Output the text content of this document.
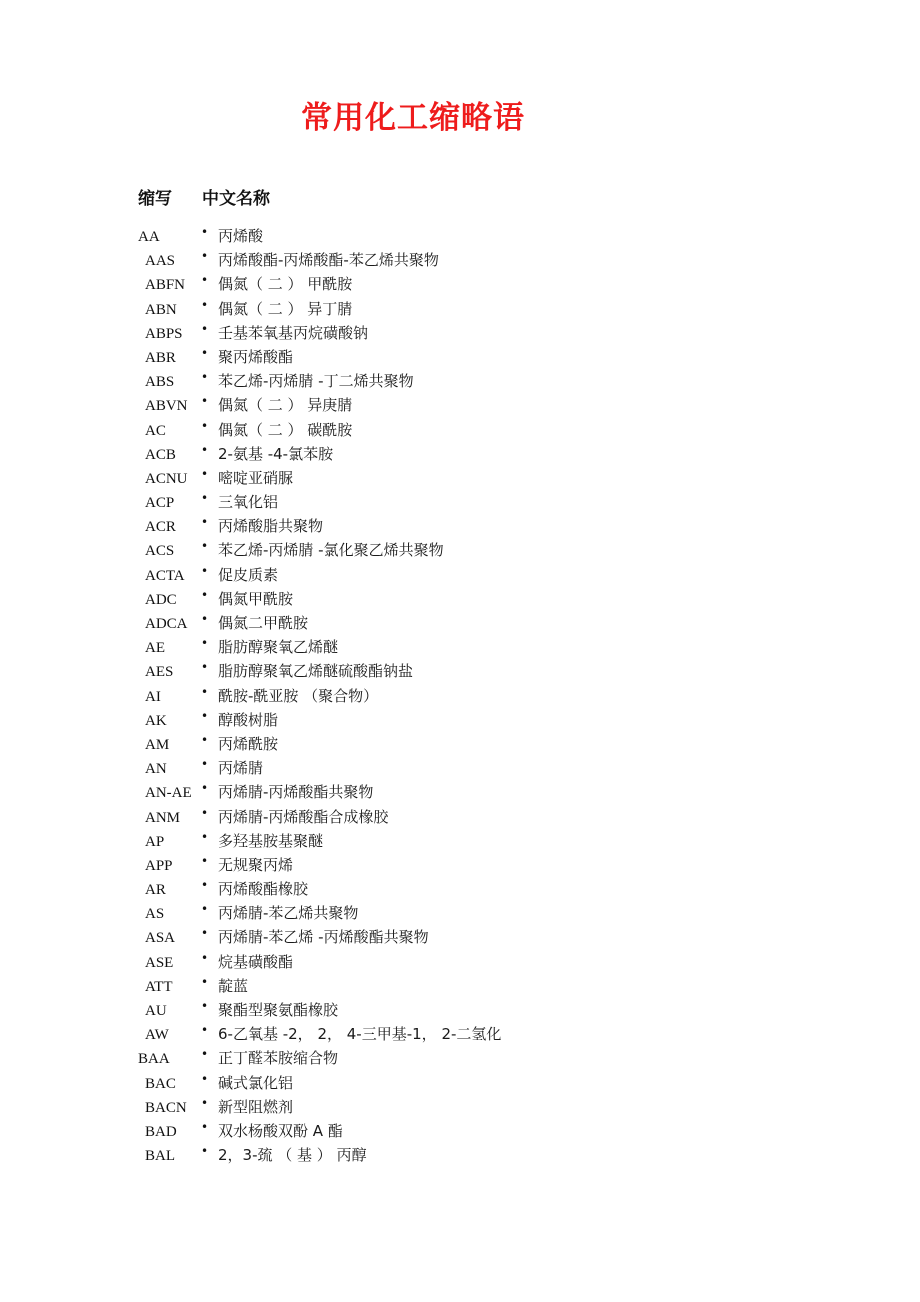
常用化工缩略语
缩写 中文名称
AA	• 丙烯酸
AAS • 丙烯酸酯-丙烯酸酯-苯乙烯共聚物
ABFN • 偶氮（ 二 ） 甲酰胺
ABN • 偶氮（ 二 ） 异丁腈
ABPS • 壬基苯氧基丙烷磺酸钠
ABR • 聚丙烯酸酯
ABS • 苯乙烯-丙烯腈 -丁二烯共聚物
ABVN • 偶氮（ 二 ） 异庚腈
AC	• 偶氮（ 二 ） 碳酰胺
ACB • 2-氨基 -4-氯苯胺
ACNU • 嘧啶亚硝脲
ACP • 三氧化铝
ACR • 丙烯酸脂共聚物
ACS • 苯乙烯-丙烯腈 -氯化聚乙烯共聚物
ACTA • 促皮质素
ADC • 偶氮甲酰胺
ADCA • 偶氮二甲酰胺
AE	• 脂肪醇聚氧乙烯醚
AES • 脂肪醇聚氧乙烯醚硫酸酯钠盐
AI	• 酰胺-酰亚胺 （聚合物）
AK	• 醇酸树脂
AM	• 丙烯酰胺
AN	• 丙烯腈
AN-AE • 丙烯腈-丙烯酸酯共聚物
ANM • 丙烯腈-丙烯酸酯合成橡胶
AP	• 多羟基胺基聚醚
APP • 无规聚丙烯
AR	• 丙烯酸酯橡胶
AS	• 丙烯腈-苯乙烯共聚物
ASA • 丙烯腈-苯乙烯 -丙烯酸酯共聚物
ASE • 烷基磺酸酯
ATT • 靛蓝
AU	• 聚酯型聚氨酯橡胶
AW	• 6-乙氧基 -2， 2， 4-三甲基-1， 2-二氢化
BAA	• 正丁醛苯胺缩合物
BAC • 碱式氯化铝
BACN • 新型阻燃剂
BAD • 双水杨酸双酚 A 酯
BAL • 2，3-巯 （ 基 ） 丙醇
